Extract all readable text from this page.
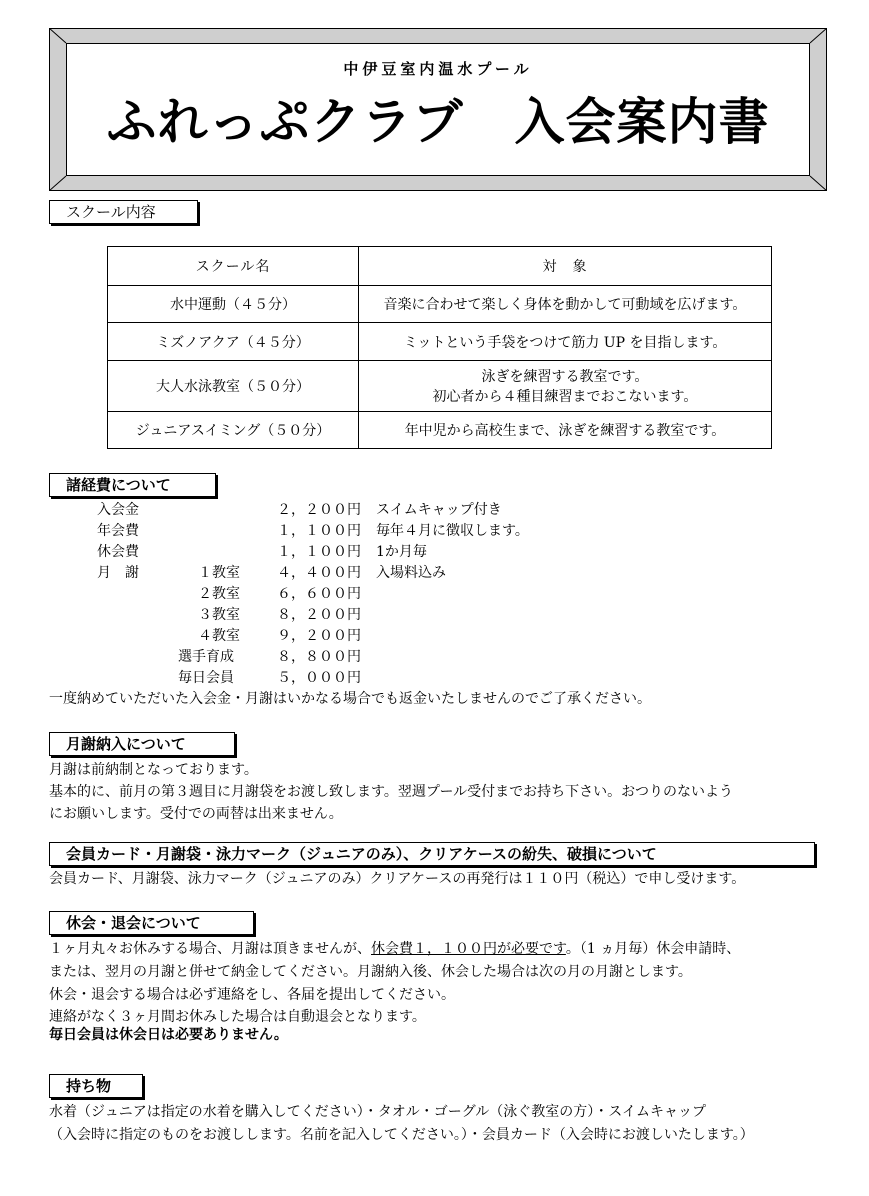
中伊豆室内温水プール
ふれっぷクラブ　入会案内書
スクール内容
スクール名	対　象
水中運動（４５分）	音楽に合わせて楽しく身体を動かして可動域を広げます。
ミズノアクア（４５分）	ミットという手袋をつけて筋力 UP を目指します。
大人水泳教室（５０分）	泳ぎを練習する教室です。
初心者から４種目練習までおこないます。

ジュニアスイミング（５０分）	年中児から高校生まで、泳ぎを練習する教室です。
諸経費について
入会金	２，２００円 スイムキャップ付き
年会費	１，１００円 毎年４月に徴収します。
休会費	１，１００円 1か月毎
月　謝	１教室	４，４００円 入場料込み
２教室	６，６００円
３教室	８，２００円
４教室	９，２００円
選手育成	８，８００円
毎日会員	５，０００円
一度納めていただいた入会金・月謝はいかなる場合でも返金いたしませんのでご了承ください。
月謝納入について
月謝は前納制となっております。
基本的に、前月の第３週目に月謝袋をお渡し致します。翌週プール受付までお持ち下さい。おつりのないよう
にお願いします。受付での両替は出来ません。
会員カード・月謝袋・泳力マーク（ジュニアのみ）、クリアケースの紛失、破損について
会員カード、月謝袋、泳力マーク（ジュニアのみ）クリアケースの再発行は１１０円（税込）で申し受けます。
休会・退会について
１ヶ月丸々お休みする場合、月謝は頂きませんが、休会費１，１００円が必要です。（1 ヵ月毎）休会申請時、
または、翌月の月謝と併せて納金してください。月謝納入後、休会した場合は次の月の月謝とします。
休会・退会する場合は必ず連絡をし、各届を提出してください。
連絡がなく３ヶ月間お休みした場合は自動退会となります。
毎日会員は休会日は必要ありません。
持ち物
水着（ジュニアは指定の水着を購入してください）・タオル・ゴーグル（泳ぐ教室の方）・スイムキャップ
（入会時に指定のものをお渡しします。名前を記入してください。）・会員カード（入会時にお渡しいたします。）
